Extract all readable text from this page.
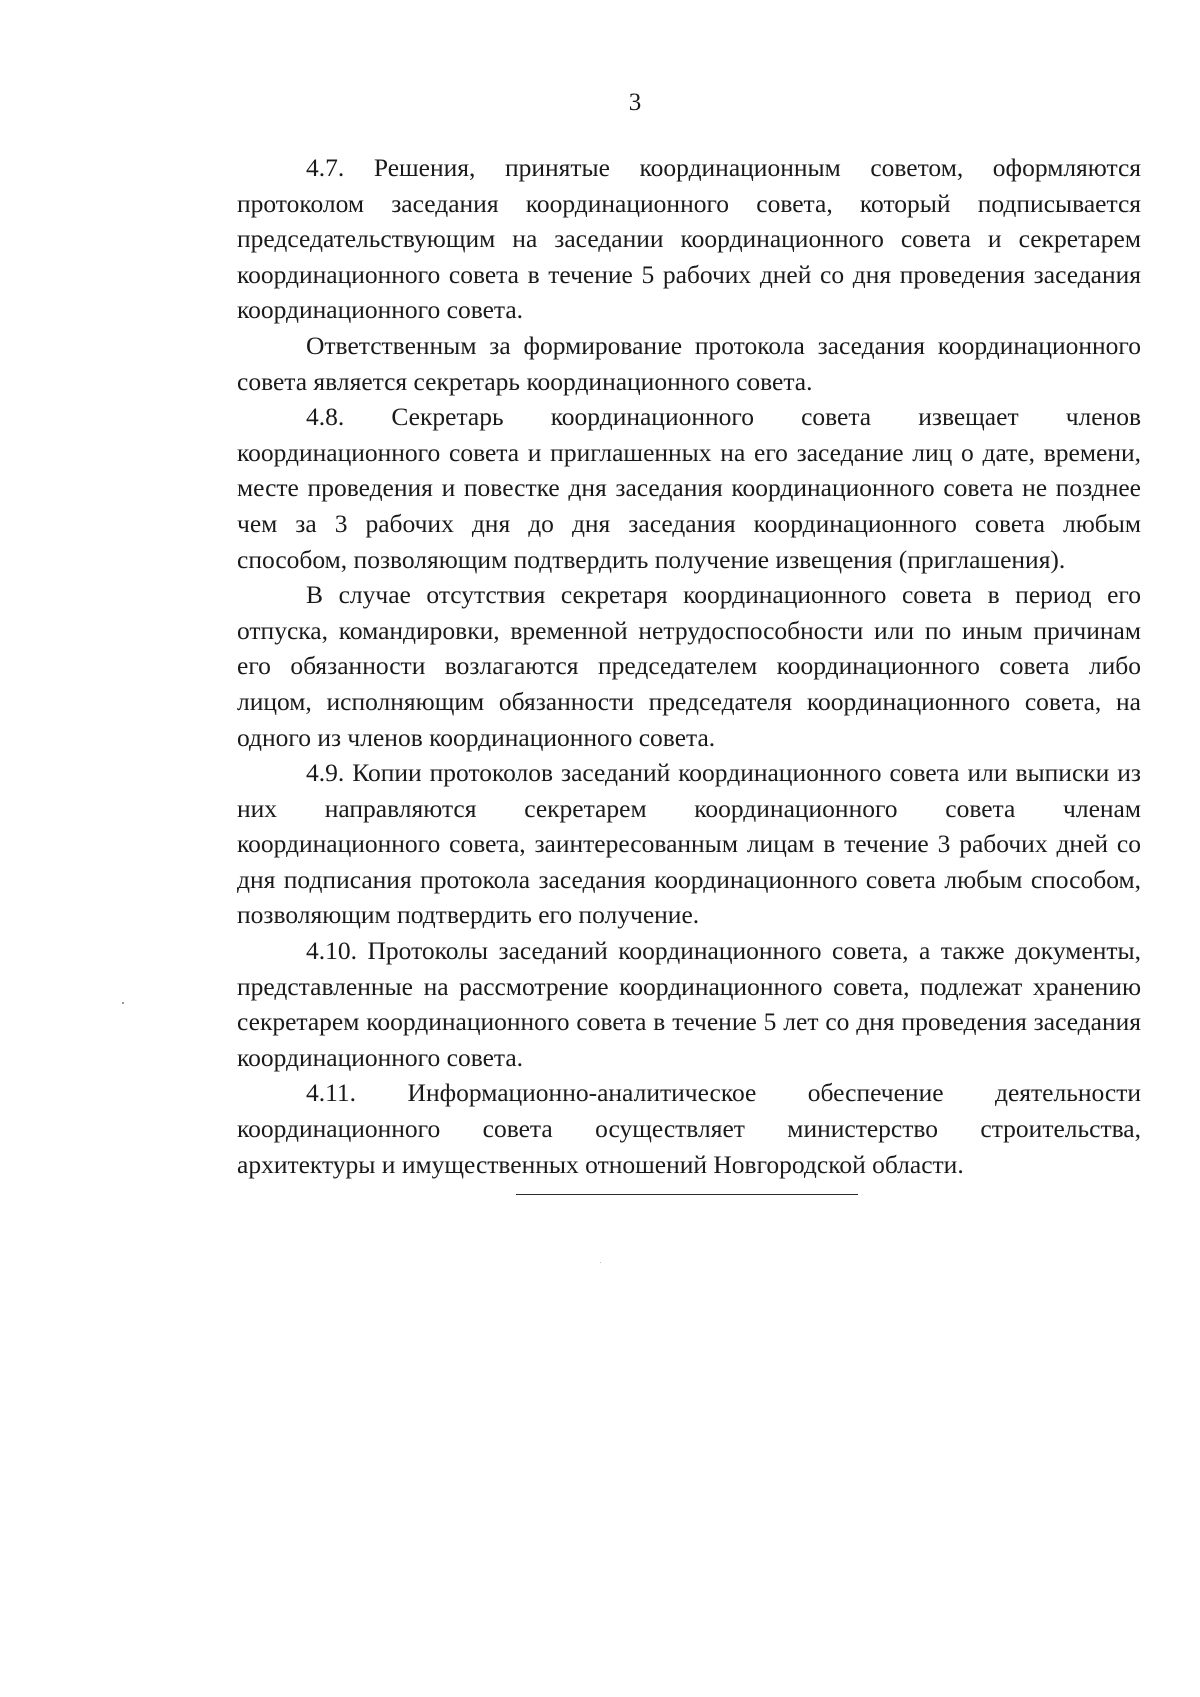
3

4.7. Решения, принятые координационным советом, оформляются протоколом заседания координационного совета, который подписывается председательствующим на заседании координационного совета и секретарем координационного совета в течение 5 рабочих дней со дня проведения заседания координационного совета.

Ответственным за формирование протокола заседания координационного совета является секретарь координационного совета.

4.8. Секретарь координационного совета извещает членов координационного совета и приглашенных на его заседание лиц о дате, времени, месте проведения и повестке дня заседания координационного совета не позднее чем за 3 рабочих дня до дня заседания координационного совета любым способом, позволяющим подтвердить получение извещения (приглашения).

В случае отсутствия секретаря координационного совета в период его отпуска, командировки, временной нетрудоспособности или по иным причинам его обязанности возлагаются председателем координационного совета либо лицом, исполняющим обязанности председателя координационного совета, на одного из членов координационного совета.

4.9. Копии протоколов заседаний координационного совета или выписки из них направляются секретарем координационного совета членам координационного совета, заинтересованным лицам в течение 3 рабочих дней со дня подписания протокола заседания координационного совета любым способом, позволяющим подтвердить его получение.

4.10. Протоколы заседаний координационного совета, а также документы, представленные на рассмотрение координационного совета, подлежат хранению секретарем координационного совета в течение 5 лет со дня проведения заседания координационного совета.

4.11. Информационно-аналитическое обеспечение деятельности координационного совета осуществляет министерство строительства, архитектуры и имущественных отношений Новгородской области.
